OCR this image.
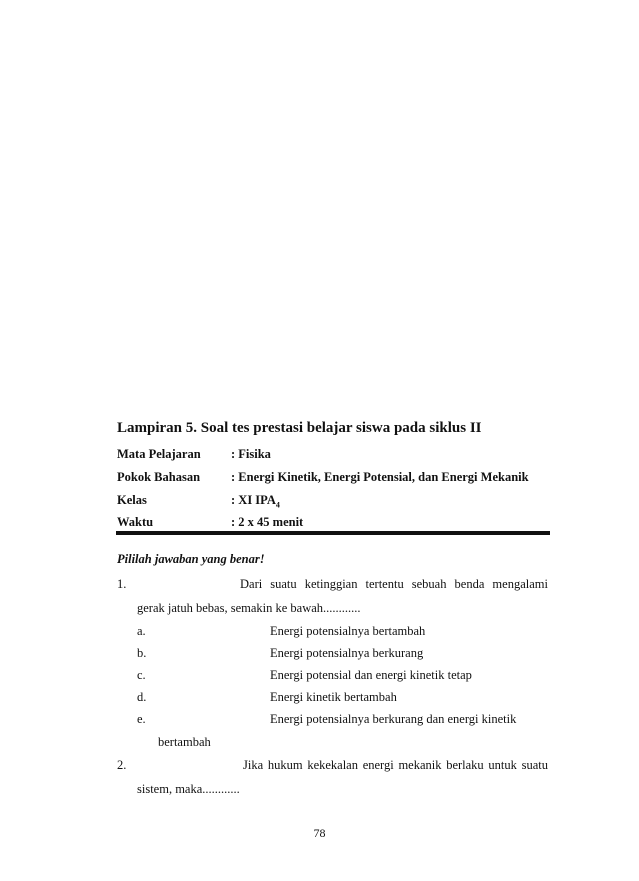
Lampiran 5. Soal tes prestasi belajar siswa pada siklus II
Mata Pelajaran : Fisika
Pokok Bahasan : Energi Kinetik, Energi Potensial, dan Energi Mekanik
Kelas	: XI $IPA_4$
Waktu	: 2 x 45 menit
Pililah jawaban yang benar!
1.	Dari suatu ketinggian tertentu sebuah benda mengalami
gerak jatuh bebas, semakin ke bawah............
a.	Energi potensialnya bertambah
b.	Energi potensialnya berkurang
c.	Energi potensial dan energi kinetik tetap
d.	Energi kinetik bertambah
e.	Energi potensialnya berkurang dan energi kinetik
bertambah
2.	Jika hukum kekekalan energi mekanik berlaku untuk suatu
sistem, maka............
78
